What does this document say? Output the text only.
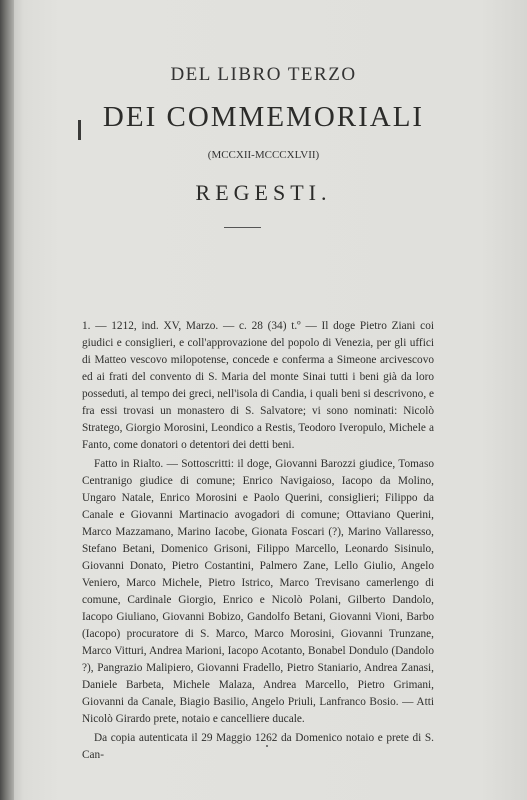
DEL LIBRO TERZO
DEI COMMEMORIALI
(MCCXII-MCCCXLVII)
REGESTI.

1. — 1212, ind. XV, Marzo. — c. 28 (34) t.º — Il doge Pietro Ziani coi giudici e consiglieri, e coll'approvazione del popolo di Venezia, per gli uffici di Matteo vescovo milopotense, concede e conferma a Simeone arcivescovo ed ai frati del convento di S. Maria del monte Sinai tutti i beni già da loro posseduti, al tempo dei greci, nell'isola di Candia, i quali beni si descrivono, e fra essi trovasi un monastero di S. Salvatore; vi sono nominati: Nicolò Stratego, Giorgio Morosini, Leondico a Restis, Teodoro Iveropulo, Michele a Fanto, come donatori o detentori dei detti beni.

Fatto in Rialto. — Sottoscritti: il doge, Giovanni Barozzi giudice, Tomaso Centranigo giudice di comune; Enrico Navigaioso, Iacopo da Molino, Ungaro Natale, Enrico Morosini e Paolo Querini, consiglieri; Filippo da Canale e Giovanni Martinacio avogadori di comune; Ottaviano Querini, Marco Mazzamano, Marino Iacobe, Gionata Foscari (?), Marino Vallaresso, Stefano Betani, Domenico Grisoni, Filippo Marcello, Leonardo Sisinulo, Giovanni Donato, Pietro Costantini, Palmero Zane, Lello Giulio, Angelo Veniero, Marco Michele, Pietro Istrico, Marco Trevisano camerlengo di comune, Cardinale Giorgio, Enrico e Nicolò Polani, Gilberto Dandolo, Iacopo Giuliano, Giovanni Bobizo, Gandolfo Betani, Giovanni Vioni, Barbo (Iacopo) procuratore di S. Marco, Marco Morosini, Giovanni Trunzane, Marco Vitturi, Andrea Marioni, Iacopo Acotanto, Bonabel Dondulo (Dandolo ?), Pangrazio Malipiero, Giovanni Fradello, Pietro Staniario, Andrea Zanasi, Daniele Barbeta, Michele Malaza, Andrea Marcello, Pietro Grimani, Giovanni da Canale, Biagio Basilio, Angelo Priuli, Lanfranco Bosio. — Atti Nicolò Girardo prete, notaio e cancelliere ducale.

Da copia autenticata il 29 Maggio 1262 da Domenico notaio e prete di S. Can-
